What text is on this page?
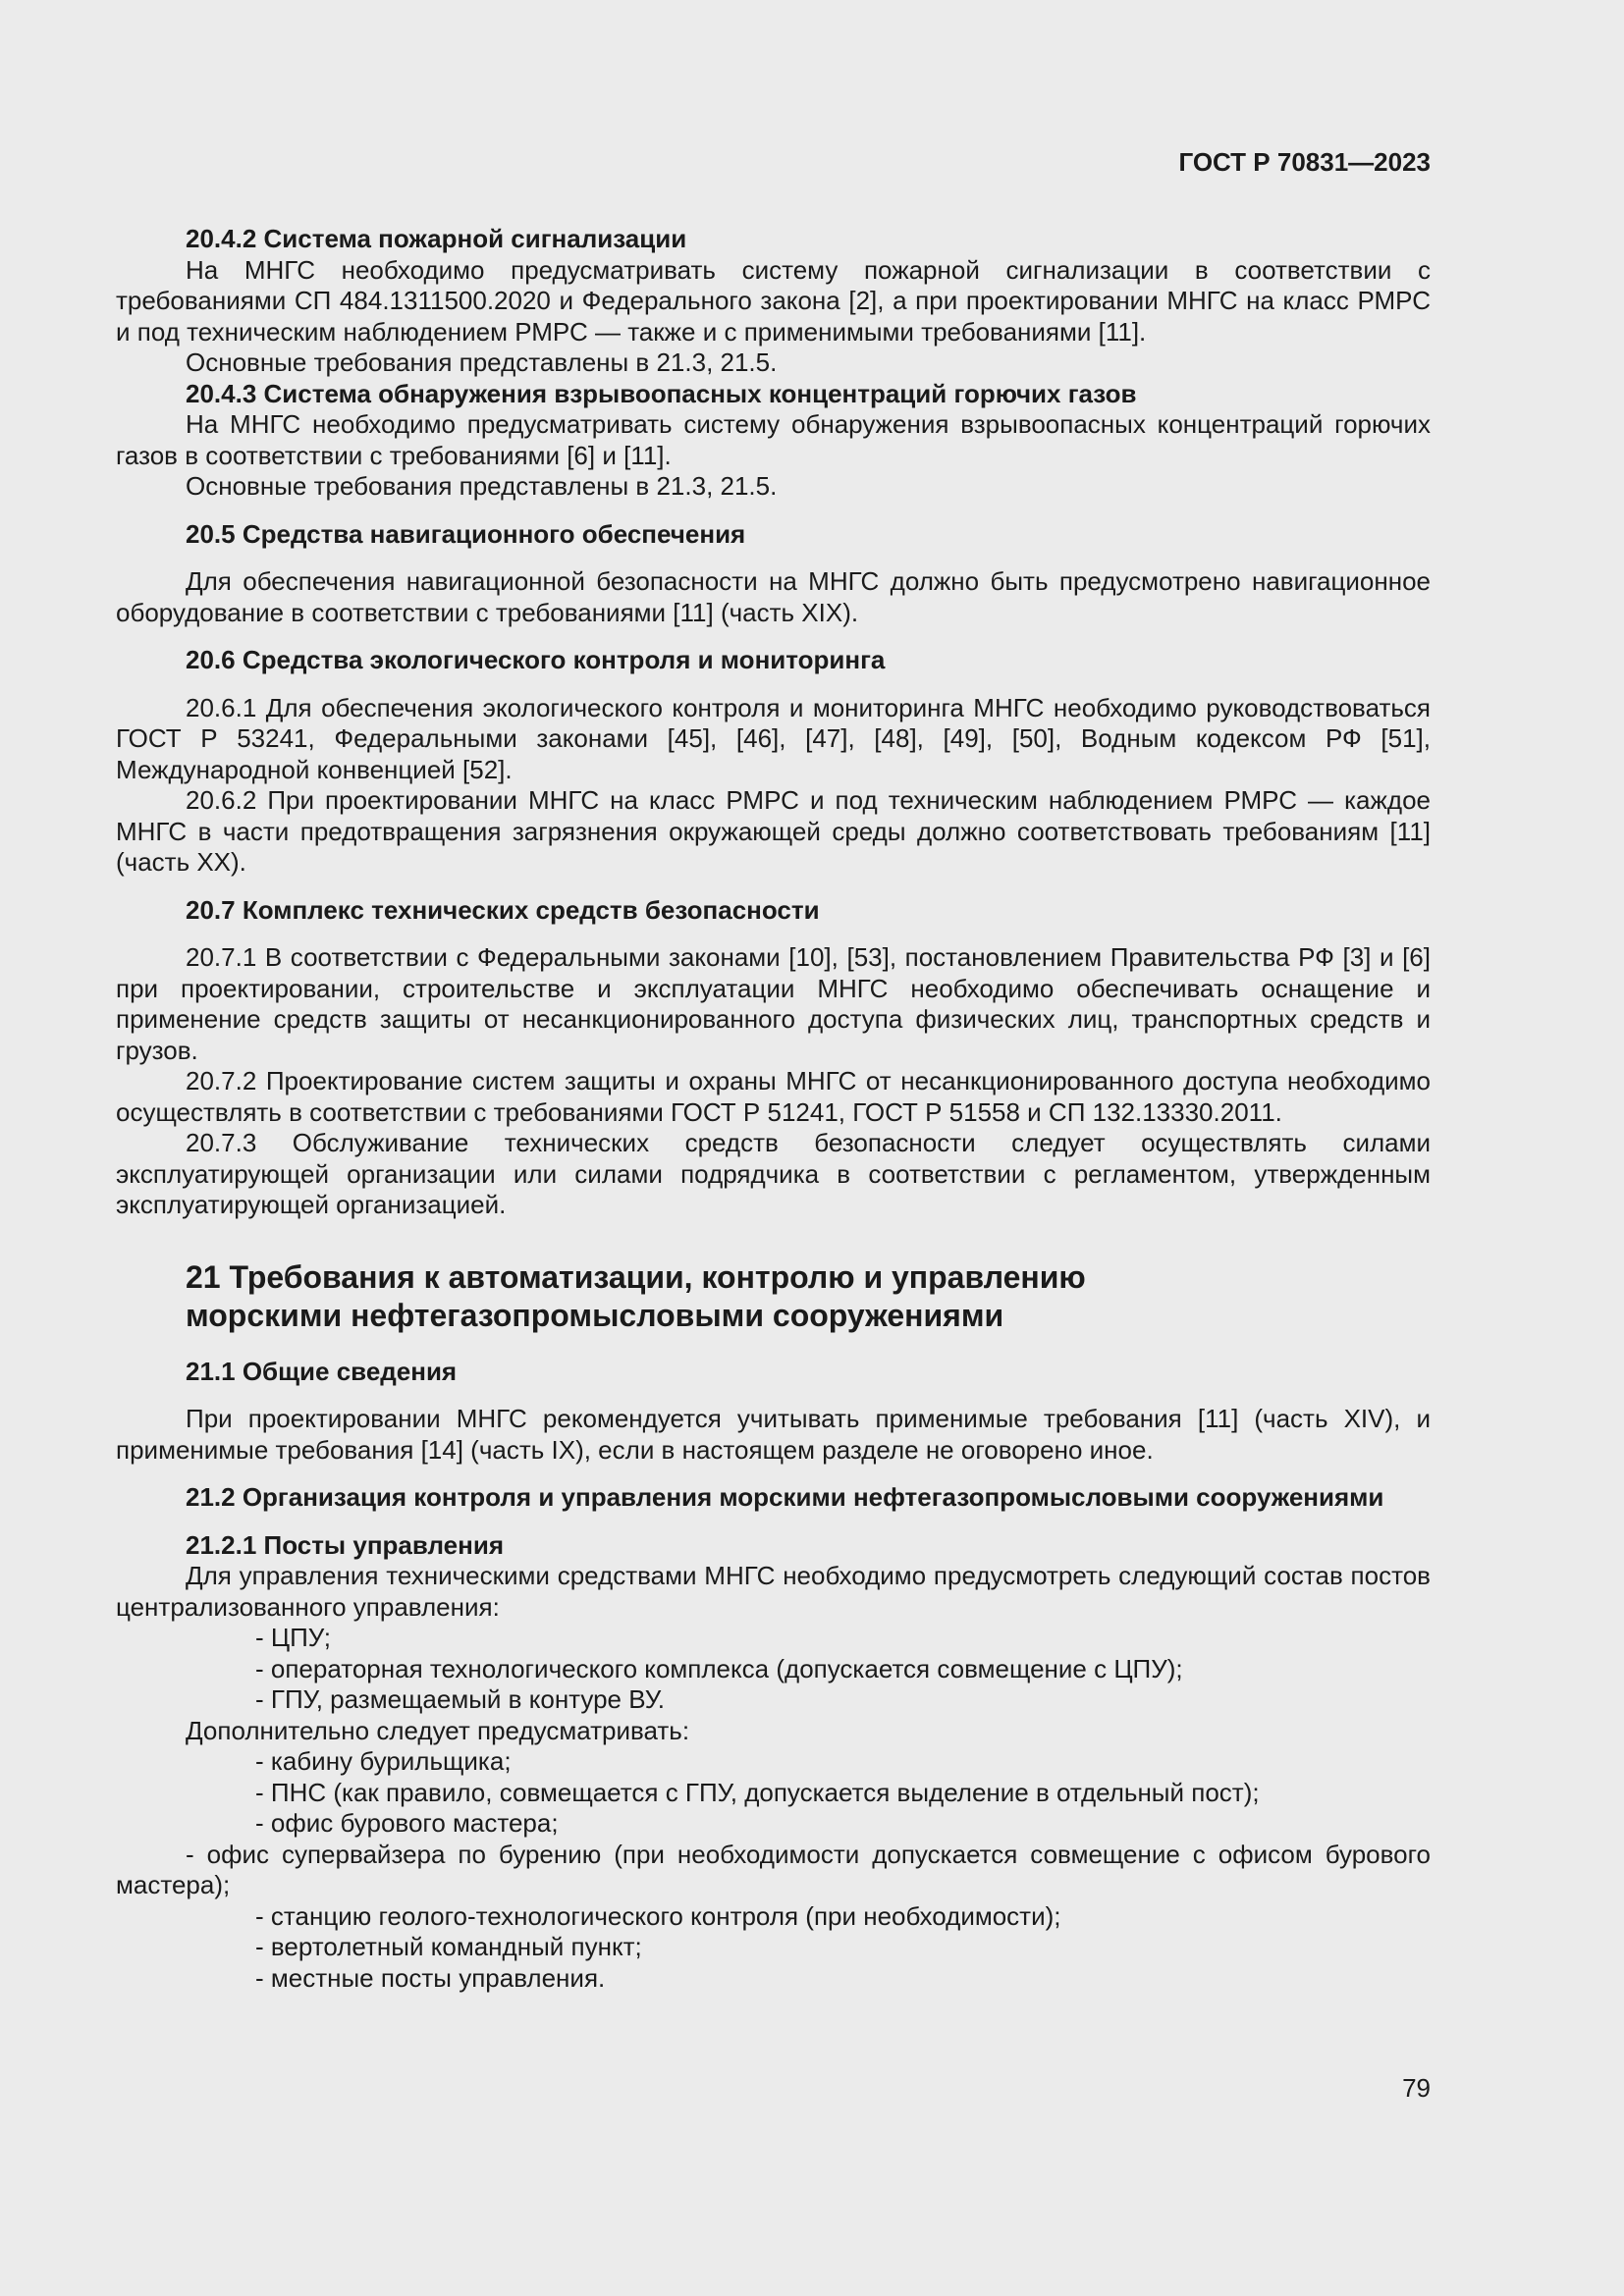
ГОСТ Р 70831—2023
20.4.2 Система пожарной сигнализации

На МНГС необходимо предусматривать систему пожарной сигнализации в соответствии с требованиями СП 484.1311500.2020 и Федерального закона [2], а при проектировании МНГС на класс РМРС и под техническим наблюдением РМРС — также и с применимыми требованиями [11].

Основные требования представлены в 21.3, 21.5.

20.4.3 Система обнаружения взрывоопасных концентраций горючих газов

На МНГС необходимо предусматривать систему обнаружения взрывоопасных концентраций горючих газов в соответствии с требованиями [6] и [11].

Основные требования представлены в 21.3, 21.5.

20.5 Средства навигационного обеспечения

Для обеспечения навигационной безопасности на МНГС должно быть предусмотрено навигационное оборудование в соответствии с требованиями [11] (часть XIX).

20.6 Средства экологического контроля и мониторинга

20.6.1 Для обеспечения экологического контроля и мониторинга МНГС необходимо руководствоваться ГОСТ Р 53241, Федеральными законами [45], [46], [47], [48], [49], [50], Водным кодексом РФ [51], Международной конвенцией [52].

20.6.2 При проектировании МНГС на класс РМРС и под техническим наблюдением РМРС — каждое МНГС в части предотвращения загрязнения окружающей среды должно соответствовать требованиям [11] (часть XX).

20.7 Комплекс технических средств безопасности

20.7.1 В соответствии с Федеральными законами [10], [53], постановлением Правительства РФ [3] и [6] при проектировании, строительстве и эксплуатации МНГС необходимо обеспечивать оснащение и применение средств защиты от несанкционированного доступа физических лиц, транспортных средств и грузов.

20.7.2 Проектирование систем защиты и охраны МНГС от несанкционированного доступа необходимо осуществлять в соответствии с требованиями ГОСТ Р 51241, ГОСТ Р 51558 и СП 132.13330.2011.

20.7.3 Обслуживание технических средств безопасности следует осуществлять силами эксплуатирующей организации или силами подрядчика в соответствии с регламентом, утвержденным эксплуатирующей организацией.

21 Требования к автоматизации, контролю и управлению
морскими нефтегазопромысловыми сооружениями
21.1 Общие сведения

При проектировании МНГС рекомендуется учитывать применимые требования [11] (часть XIV), и применимые требования [14] (часть IX), если в настоящем разделе не оговорено иное.

21.2 Организация контроля и управления морскими нефтегазопромысловыми сооружениями
21.2.1 Посты управления

Для управления техническими средствами МНГС необходимо предусмотреть следующий состав постов централизованного управления:

- ЦПУ;

- операторная технологического комплекса (допускается совмещение с ЦПУ);

- ГПУ, размещаемый в контуре ВУ.

Дополнительно следует предусматривать:

- кабину бурильщика;

- ПНС (как правило, совмещается с ГПУ, допускается выделение в отдельный пост);

- офис бурового мастера;

- офис супервайзера по бурению (при необходимости допускается совмещение с офисом бурового мастера);

- станцию геолого-технологического контроля (при необходимости);

- вертолетный командный пункт;

- местные посты управления.

79
